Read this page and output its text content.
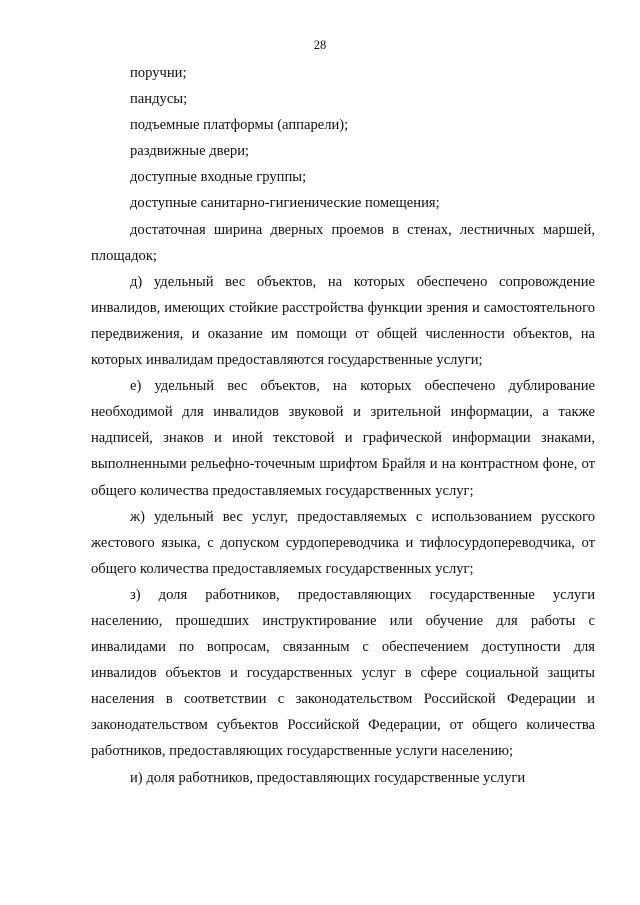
28

поручни;

пандусы;

подъемные платформы (аппарели);

раздвижные двери;

доступные входные группы;

доступные санитарно-гигиенические помещения;

достаточная ширина дверных проемов в стенах, лестничных маршей, площадок;

д) удельный вес объектов, на которых обеспечено сопровождение инвалидов, имеющих стойкие расстройства функции зрения и самостоятельного передвижения, и оказание им помощи от общей численности объектов, на которых инвалидам предоставляются государственные услуги;

е) удельный вес объектов, на которых обеспечено дублирование необходимой для инвалидов звуковой и зрительной информации, а также надписей, знаков и иной текстовой и графической информации знаками, выполненными рельефно-точечным шрифтом Брайля и на контрастном фоне, от общего количества предоставляемых государственных услуг;

ж) удельный вес услуг, предоставляемых с использованием русского жестового языка, с допуском сурдопереводчика и тифлосурдопереводчика, от общего количества предоставляемых государственных услуг;

з) доля работников, предоставляющих государственные услуги населению, прошедших инструктирование или обучение для работы с инвалидами по вопросам, связанным с обеспечением доступности для инвалидов объектов и государственных услуг в сфере социальной защиты населения в соответствии с законодательством Российской Федерации и законодательством субъектов Российской Федерации, от общего количества работников, предоставляющих государственные услуги населению;

и) доля работников, предоставляющих государственные услуги
